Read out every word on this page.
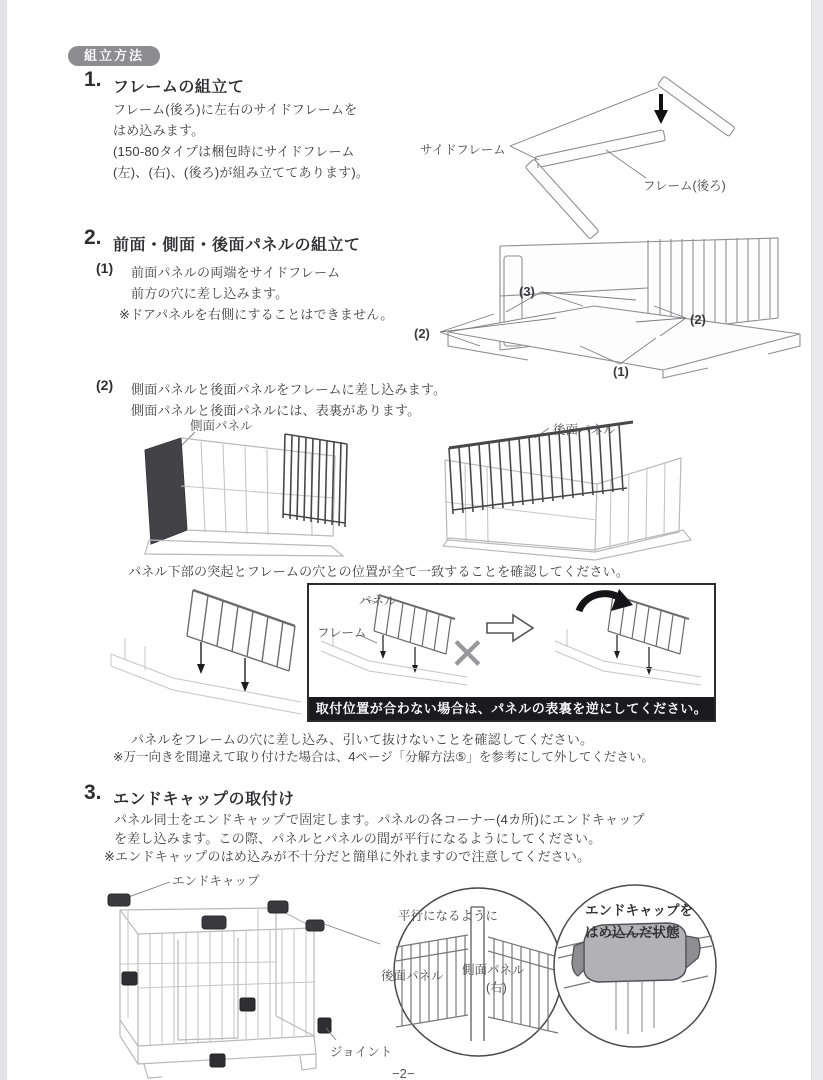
組立方法
1. フレームの組立て
フレーム(後ろ)に左右のサイドフレームを
はめ込みます。
(150-80タイプは梱包時にサイドフレーム
(左)、(右)、(後ろ)が組み立ててあります)。
サイドフレーム
フレーム(後ろ)
2. 前面・側面・後面パネルの組立て
(1) 前面パネルの両端をサイドフレーム
前方の穴に差し込みます。
※ドアパネルを右側にすることはできません。
(3)
(2)
(2)
(1)
(2) 側面パネルと後面パネルをフレームに差し込みます。
側面パネルと後面パネルには、表裏があります。
側面パネル	後面パネル
パネル下部の突起とフレームの穴との位置が全て一致することを確認してください。
パネル
フレーム ✕
取付位置が合わない場合は、パネルの表裏を逆にしてください。
パネルをフレームの穴に差し込み、引いて抜けないことを確認してください。
※万一向きを間違えて取り付けた場合は、4ページ「分解方法⑤」を参考にして外してください。
3. エンドキャップの取付け
パネル同士をエンドキャップで固定します。パネルの各コーナー(4カ所)にエンドキャップ
を差し込みます。この際、パネルとパネルの間が平行になるようにしてください。
※エンドキャップのはめ込みが不十分だと簡単に外れますので注意してください。
エンドキャップ
ジョイント
平行になるように
後面パネル 側面パネル
(右)
エンドキャップを
はめ込んだ状態
−2−
